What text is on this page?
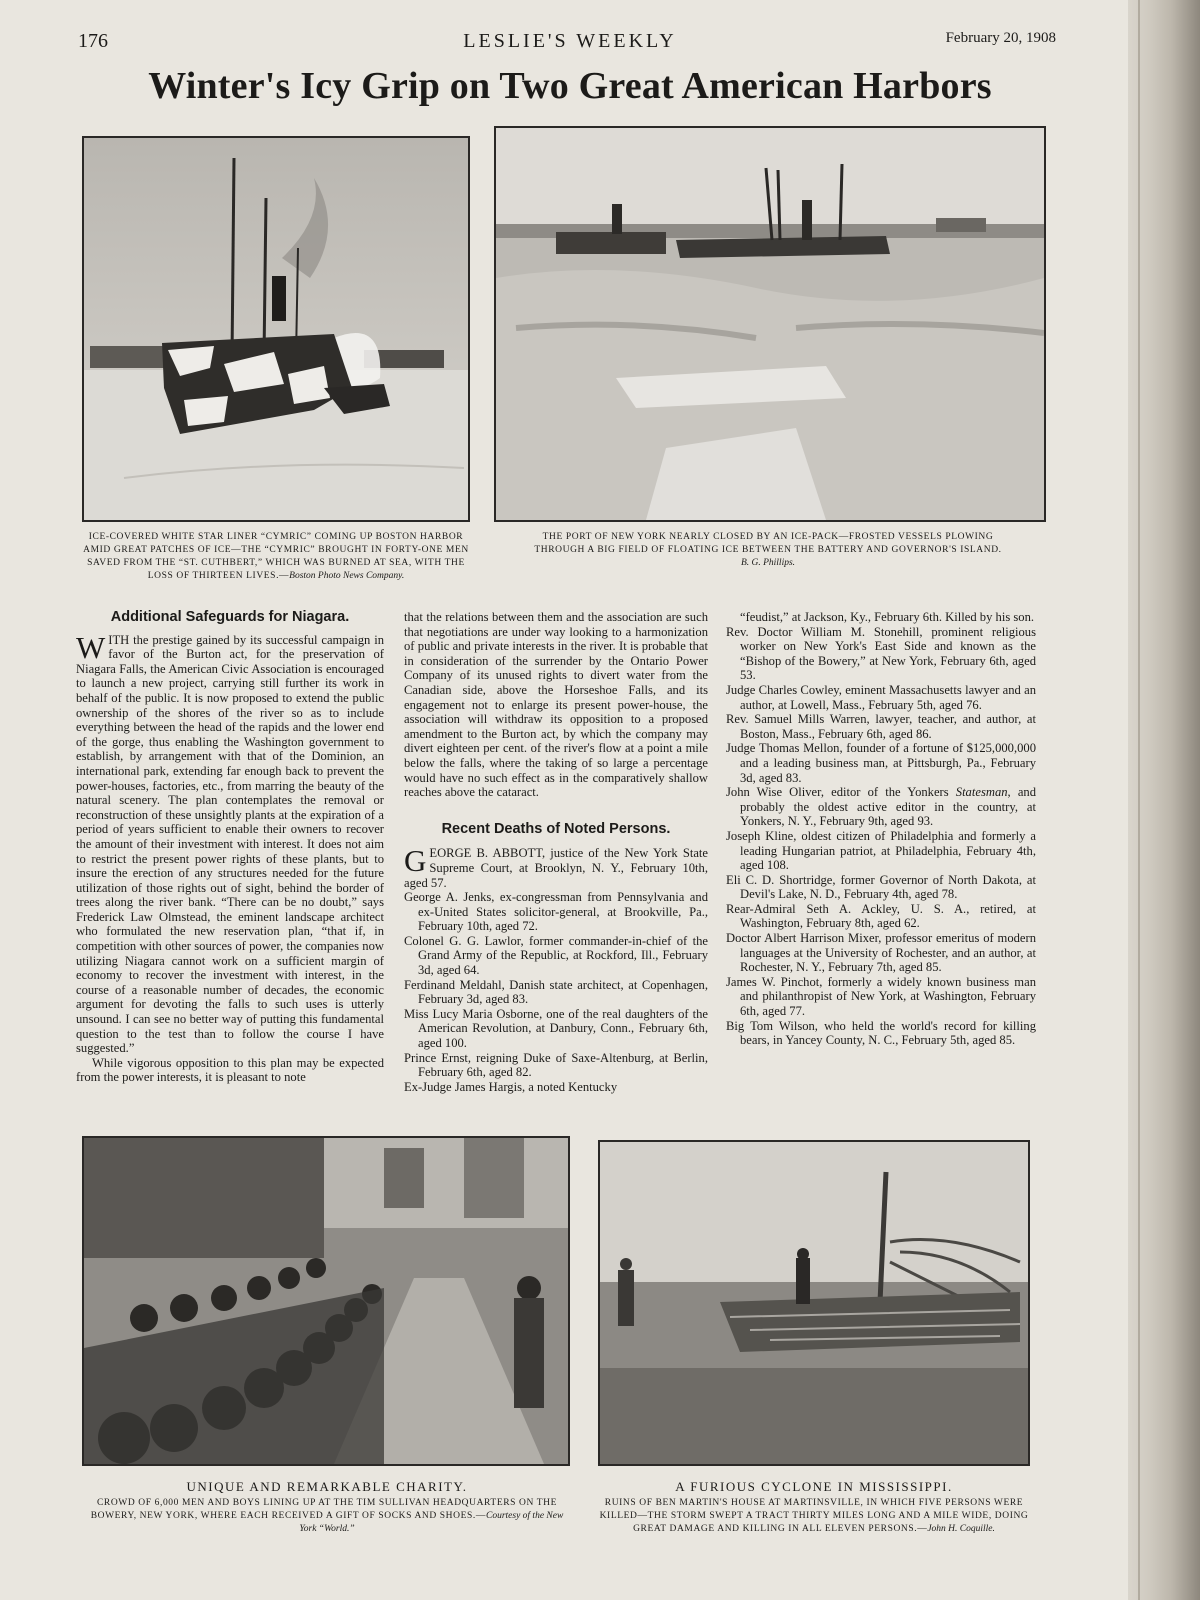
176	LESLIE'S WEEKLY	February 20, 1908
Winter's Icy Grip on Two Great American Harbors
ICE-COVERED WHITE STAR LINER “CYMRIC” COMING UP BOSTON HARBOR AMID GREAT PATCHES OF ICE—THE “CYMRIC” BROUGHT IN FORTY-ONE MEN SAVED FROM THE “ST. CUTHBERT,” WHICH WAS BURNED AT SEA, WITH THE LOSS OF THIRTEEN LIVES.—Boston Photo News Company.
THE PORT OF NEW YORK NEARLY CLOSED BY AN ICE-PACK—FROSTED VESSELS PLOWING THROUGH A BIG FIELD OF FLOATING ICE BETWEEN THE BATTERY AND GOVERNOR'S ISLAND.
B. G. Phillips.
Additional Safeguards for Niagara.

WITH the prestige gained by its successful campaign in favor of the Burton act, for the preservation of Niagara Falls, the American Civic Association is encouraged to launch a new project, carrying still further its work in behalf of the public. It is now proposed to extend the public ownership of the shores of the river so as to include everything between the head of the rapids and the lower end of the gorge, thus enabling the Washington government to establish, by arrangement with that of the Dominion, an international park, extending far enough back to prevent the power-houses, factories, etc., from marring the beauty of the natural scenery. The plan contemplates the removal or reconstruction of these unsightly plants at the expiration of a period of years sufficient to enable their owners to recover the amount of their investment with interest. It does not aim to restrict the present power rights of these plants, but to insure the erection of any structures needed for the future utilization of those rights out of sight, behind the border of trees along the river bank. “There can be no doubt,” says Frederick Law Olmstead, the eminent landscape architect who formulated the new reservation plan, “that if, in competition with other sources of power, the companies now utilizing Niagara cannot work on a sufficient margin of economy to recover the investment with interest, in the course of a reasonable number of decades, the economic argument for devoting the falls to such uses is utterly unsound. I can see no better way of putting this fundamental question to the test than to follow the course I have suggested.”

While vigorous opposition to this plan may be expected from the power interests, it is pleasant to note

that the relations between them and the association are such that negotiations are under way looking to a harmonization of public and private interests in the river. It is probable that in consideration of the surrender by the Ontario Power Company of its unused rights to divert water from the Canadian side, above the Horseshoe Falls, and its engagement not to enlarge its present power-house, the association will withdraw its opposition to a proposed amendment to the Burton act, by which the company may divert eighteen per cent. of the river's flow at a point a mile below the falls, where the taking of so large a percentage would have no such effect as in the comparatively shallow reaches above the cataract.

Recent Deaths of Noted Persons.

GEORGE B. ABBOTT, justice of the New York State Supreme Court, at Brooklyn, N. Y., February 10th, aged 57.

George A. Jenks, ex-congressman from Pennsylvania and ex-United States solicitor-general, at Brookville, Pa., February 10th, aged 72.

Colonel G. G. Lawlor, former commander-in-chief of the Grand Army of the Republic, at Rockford, Ill., February 3d, aged 64.

Ferdinand Meldahl, Danish state architect, at Copenhagen, February 3d, aged 83.

Miss Lucy Maria Osborne, one of the real daughters of the American Revolution, at Danbury, Conn., February 6th, aged 100.

Prince Ernst, reigning Duke of Saxe-Altenburg, at Berlin, February 6th, aged 82.

Ex-Judge James Hargis, a noted Kentucky

“feudist,” at Jackson, Ky., February 6th. Killed by his son.

Rev. Doctor William M. Stonehill, prominent religious worker on New York's East Side and known as the “Bishop of the Bowery,” at New York, February 6th, aged 53.

Judge Charles Cowley, eminent Massachusetts lawyer and an author, at Lowell, Mass., February 5th, aged 76.

Rev. Samuel Mills Warren, lawyer, teacher, and author, at Boston, Mass., February 6th, aged 86.

Judge Thomas Mellon, founder of a fortune of $125,000,000 and a leading business man, at Pittsburgh, Pa., February 3d, aged 83.

John Wise Oliver, editor of the Yonkers Statesman, and probably the oldest active editor in the country, at Yonkers, N. Y., February 9th, aged 93.

Joseph Kline, oldest citizen of Philadelphia and formerly a leading Hungarian patriot, at Philadelphia, February 4th, aged 108.

Eli C. D. Shortridge, former Governor of North Dakota, at Devil's Lake, N. D., February 4th, aged 78.

Rear-Admiral Seth A. Ackley, U. S. A., retired, at Washington, February 8th, aged 62.

Doctor Albert Harrison Mixer, professor emeritus of modern languages at the University of Rochester, and an author, at Rochester, N. Y., February 7th, aged 85.

James W. Pinchot, formerly a widely known business man and philanthropist of New York, at Washington, February 6th, aged 77.

Big Tom Wilson, who held the world's record for killing bears, in Yancey County, N. C., February 5th, aged 85.

UNIQUE AND REMARKABLE CHARITY.
CROWD OF 6,000 MEN AND BOYS LINING UP AT THE TIM SULLIVAN HEADQUARTERS ON THE BOWERY, NEW YORK, WHERE EACH RECEIVED A GIFT OF SOCKS AND SHOES.—Courtesy of the New York “World.”
A FURIOUS CYCLONE IN MISSISSIPPI.
RUINS OF BEN MARTIN'S HOUSE AT MARTINSVILLE, IN WHICH FIVE PERSONS WERE KILLED—THE STORM SWEPT A TRACT THIRTY MILES LONG AND A MILE WIDE, DOING GREAT DAMAGE AND KILLING IN ALL ELEVEN PERSONS.—John H. Coquille.
